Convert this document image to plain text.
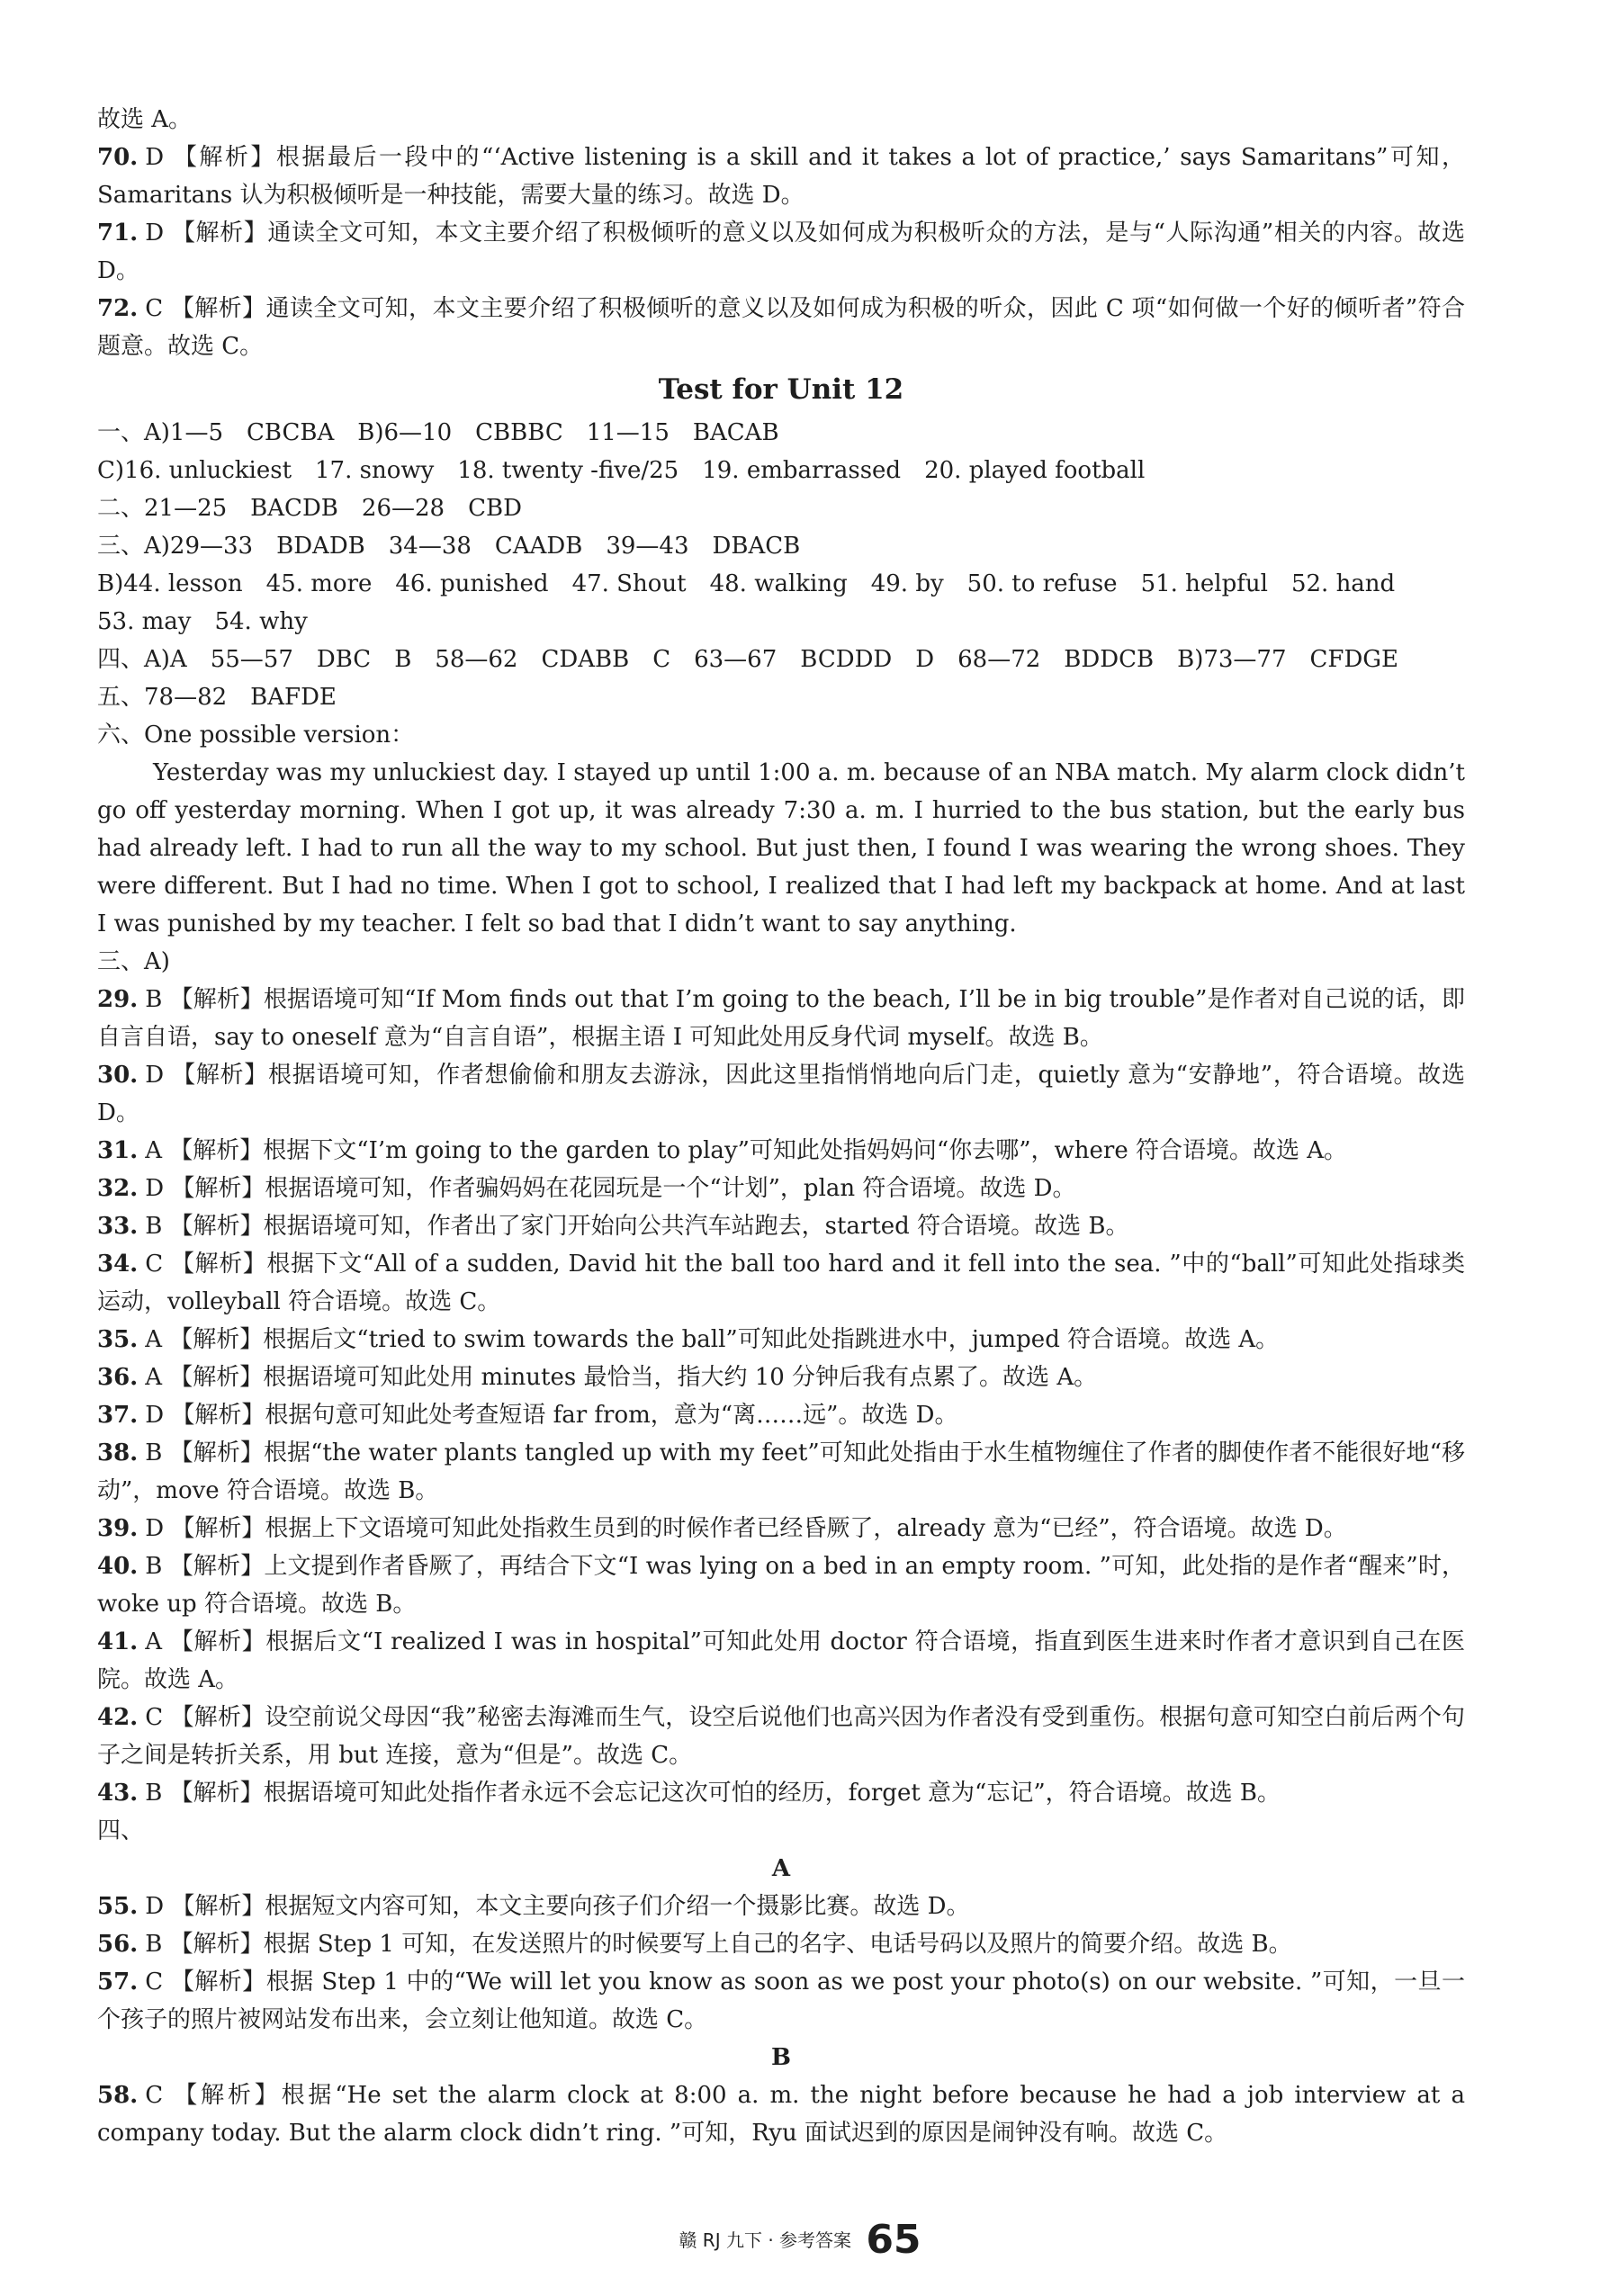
故选 A。

70. D 【解析】根据最后一段中的“‘Active listening is a skill and it takes a lot of practice,’ says Samaritans”可知，Samaritans 认为积极倾听是一种技能，需要大量的练习。故选 D。

71. D 【解析】通读全文可知，本文主要介绍了积极倾听的意义以及如何成为积极听众的方法，是与“人际沟通”相关的内容。故选 D。

72. C 【解析】通读全文可知，本文主要介绍了积极倾听的意义以及如何成为积极的听众，因此 C 项“如何做一个好的倾听者”符合题意。故选 C。

Test for Unit 12
一、A)1—5　CBCBA　B)6—10　CBBBC　11—15　BACAB
C)16. unluckiest　17. snowy　18. twenty -five/25　19. embarrassed　20. played football
二、21—25　BACDB　26—28　CBD
三、A)29—33　BDADB　34—38　CAADB　39—43　DBACB
B)44. lesson　45. more　46. punished　47. Shout　48. walking　49. by　50. to refuse　51. helpful　52. hand
53. may　54. why
四、A)A　55—57　DBC　B　58—62　CDABB　C　63—67　BCDDD　D　68—72　BDDCB　B)73—77　CFDGE
五、78—82　BAFDE
六、One possible version：

Yesterday was my unluckiest day. I stayed up until 1:00 a. m. because of an NBA match. My alarm clock didn’t go off yesterday morning. When I got up, it was already 7:30 a. m. I hurried to the bus station, but the early bus had already left. I had to run all the way to my school. But just then, I found I was wearing the wrong shoes. They were different. But I had no time. When I got to school, I realized that I had left my backpack at home. And at last I was punished by my teacher. I felt so bad that I didn’t want to say anything.

三、A)

29. B 【解析】根据语境可知“If Mom finds out that I’m going to the beach, I’ll be in big trouble”是作者对自己说的话，即自言自语，say to oneself 意为“自言自语”，根据主语 I 可知此处用反身代词 myself。故选 B。

30. D 【解析】根据语境可知，作者想偷偷和朋友去游泳，因此这里指悄悄地向后门走，quietly 意为“安静地”，符合语境。故选 D。

31. A 【解析】根据下文“I’m going to the garden to play”可知此处指妈妈问“你去哪”，where 符合语境。故选 A。

32. D 【解析】根据语境可知，作者骗妈妈在花园玩是一个“计划”，plan 符合语境。故选 D。

33. B 【解析】根据语境可知，作者出了家门开始向公共汽车站跑去，started 符合语境。故选 B。

34. C 【解析】根据下文“All of a sudden, David hit the ball too hard and it fell into the sea. ”中的“ball”可知此处指球类运动，volleyball 符合语境。故选 C。

35. A 【解析】根据后文“tried to swim towards the ball”可知此处指跳进水中，jumped 符合语境。故选 A。

36. A 【解析】根据语境可知此处用 minutes 最恰当，指大约 10 分钟后我有点累了。故选 A。

37. D 【解析】根据句意可知此处考查短语 far from，意为“离……远”。故选 D。

38. B 【解析】根据“the water plants tangled up with my feet”可知此处指由于水生植物缠住了作者的脚使作者不能很好地“移动”，move 符合语境。故选 B。

39. D 【解析】根据上下文语境可知此处指救生员到的时候作者已经昏厥了，already 意为“已经”，符合语境。故选 D。

40. B 【解析】上文提到作者昏厥了，再结合下文“I was lying on a bed in an empty room. ”可知，此处指的是作者“醒来”时，woke up 符合语境。故选 B。

41. A 【解析】根据后文“I realized I was in hospital”可知此处用 doctor 符合语境，指直到医生进来时作者才意识到自己在医院。故选 A。

42. C 【解析】设空前说父母因“我”秘密去海滩而生气，设空后说他们也高兴因为作者没有受到重伤。根据句意可知空白前后两个句子之间是转折关系，用 but 连接，意为“但是”。故选 C。

43. B 【解析】根据语境可知此处指作者永远不会忘记这次可怕的经历，forget 意为“忘记”，符合语境。故选 B。

四、
A

55. D 【解析】根据短文内容可知，本文主要向孩子们介绍一个摄影比赛。故选 D。

56. B 【解析】根据 Step 1 可知，在发送照片的时候要写上自己的名字、电话号码以及照片的简要介绍。故选 B。

57. C 【解析】根据 Step 1 中的“We will let you know as soon as we post your photo(s) on our website. ”可知，一旦一个孩子的照片被网站发布出来，会立刻让他知道。故选 C。

B

58. C 【解析】根据“He set the alarm clock at 8:00 a. m. the night before because he had a job interview at a company today. But the alarm clock didn’t ring. ”可知，Ryu 面试迟到的原因是闹钟没有响。故选 C。

赣 RJ 九下 · 参考答案 65
